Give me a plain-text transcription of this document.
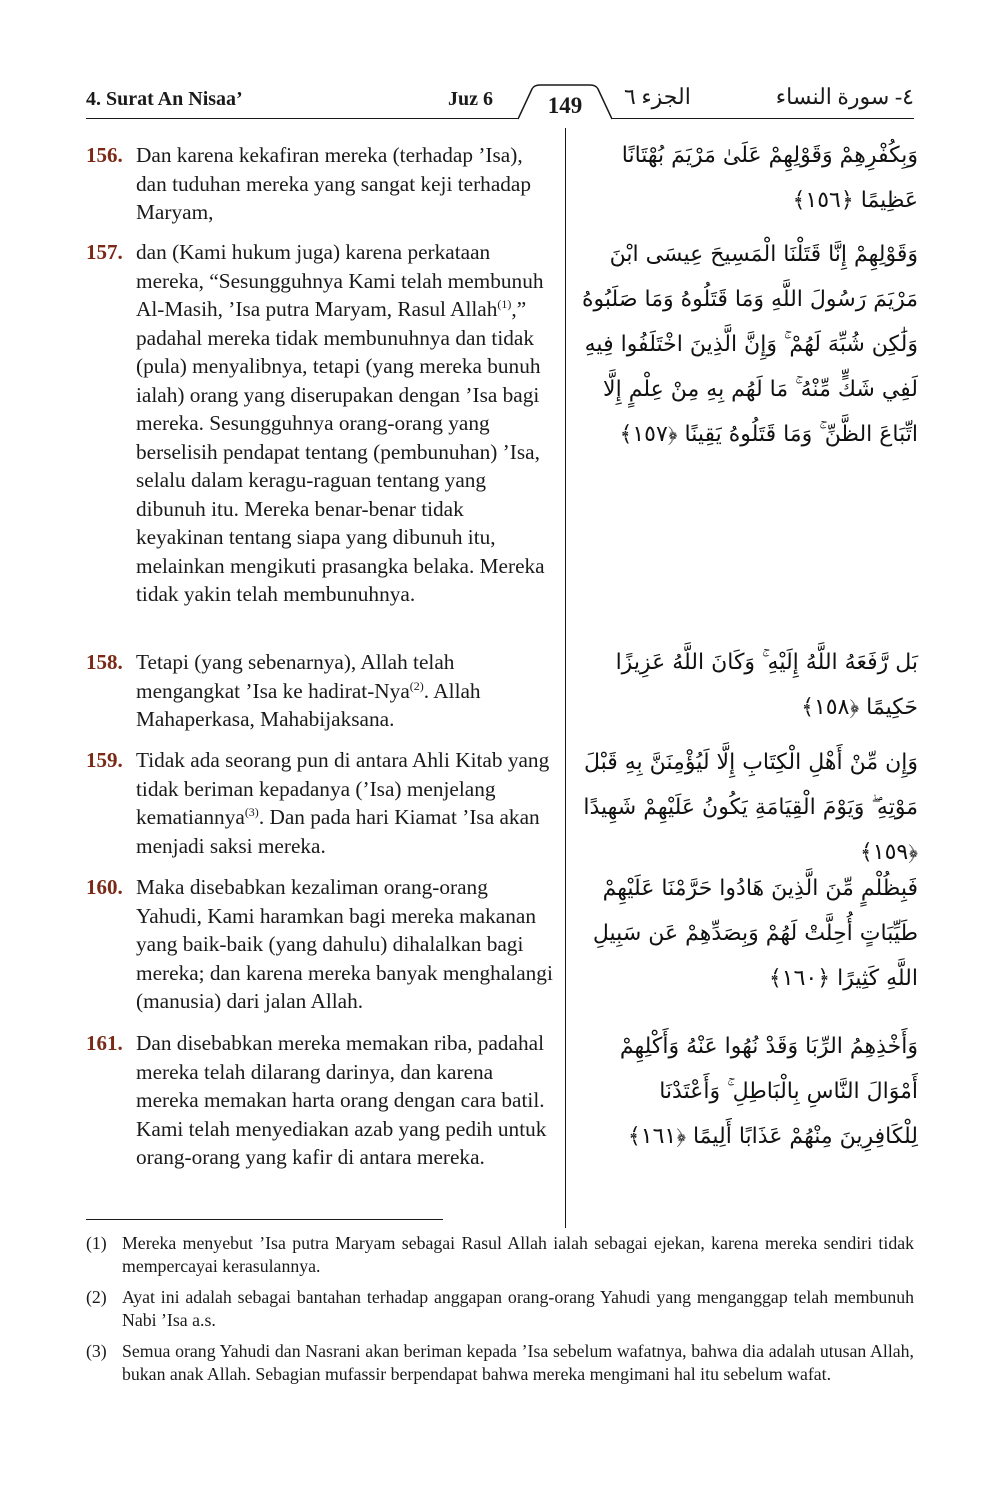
4. Surat An Nisaa’	Juz 6	الجزء ٦	٤- سورة النساء
149
156. Dan karena kekafiran mereka (terhadap ’Isa), dan tuduhan mereka yang sangat keji terhadap Maryam,
وَبِكُفْرِهِمْ وَقَوْلِهِمْ عَلَىٰ مَرْيَمَ بُهْتَانًا عَظِيمًا ﴿١٥٦﴾
157. dan (Kami hukum juga) karena perkataan mereka, “Sesungguhnya Kami telah membunuh Al-Masih, ’Isa putra Maryam, Rasul Allah$^{(1)}$,” padahal mereka tidak membunuhnya dan tidak (pula) menyalibnya, tetapi (yang mereka bunuh ialah) orang yang diserupakan dengan ’Isa bagi mereka. Sesungguhnya orang-orang yang berselisih pendapat tentang (pembunuhan) ’Isa, selalu dalam keragu-raguan tentang yang dibunuh itu. Mereka benar-benar tidak keyakinan tentang siapa yang dibunuh itu, melainkan mengikuti prasangka belaka. Mereka tidak yakin telah membunuhnya.
وَقَوْلِهِمْ إِنَّا قَتَلْنَا الْمَسِيحَ عِيسَى ابْنَ مَرْيَمَ رَسُولَ اللَّهِ وَمَا قَتَلُوهُ وَمَا صَلَبُوهُ وَلَٰكِن شُبِّهَ لَهُمْ ۚ وَإِنَّ الَّذِينَ اخْتَلَفُوا فِيهِ لَفِي شَكٍّ مِّنْهُ ۚ مَا لَهُم بِهِ مِنْ عِلْمٍ إِلَّا اتِّبَاعَ الظَّنِّ ۚ وَمَا قَتَلُوهُ يَقِينًا ﴿١٥٧﴾
158. Tetapi (yang sebenarnya), Allah telah mengangkat ’Isa ke hadirat-Nya$^{(2)}$. Allah Mahaperkasa, Mahabijaksana.
بَل رَّفَعَهُ اللَّهُ إِلَيْهِ ۚ وَكَانَ اللَّهُ عَزِيزًا حَكِيمًا ﴿١٥٨﴾
159. Tidak ada seorang pun di antara Ahli Kitab yang tidak beriman kepadanya (’Isa) menjelang kematiannya$^{(3)}$. Dan pada hari Kiamat ’Isa akan menjadi saksi mereka.
وَإِن مِّنْ أَهْلِ الْكِتَابِ إِلَّا لَيُؤْمِنَنَّ بِهِ قَبْلَ مَوْتِهِ ۖ وَيَوْمَ الْقِيَامَةِ يَكُونُ عَلَيْهِمْ شَهِيدًا ﴿١٥٩﴾
160. Maka disebabkan kezaliman orang-orang Yahudi, Kami haramkan bagi mereka makanan yang baik-baik (yang dahulu) dihalalkan bagi mereka; dan karena mereka banyak menghalangi (manusia) dari jalan Allah.
فَبِظُلْمٍ مِّنَ الَّذِينَ هَادُوا حَرَّمْنَا عَلَيْهِمْ طَيِّبَاتٍ أُحِلَّتْ لَهُمْ وَبِصَدِّهِمْ عَن سَبِيلِ اللَّهِ كَثِيرًا ﴿١٦٠﴾
161. Dan disebabkan mereka memakan riba, padahal mereka telah dilarang darinya, dan karena mereka memakan harta orang dengan cara batil. Kami telah menyediakan azab yang pedih untuk orang-orang yang kafir di antara mereka.
وَأَخْذِهِمُ الرِّبَا وَقَدْ نُهُوا عَنْهُ وَأَكْلِهِمْ أَمْوَالَ النَّاسِ بِالْبَاطِلِ ۚ وَأَعْتَدْنَا لِلْكَافِرِينَ مِنْهُمْ عَذَابًا أَلِيمًا ﴿١٦١﴾
(1) Mereka menyebut ’Isa putra Maryam sebagai Rasul Allah ialah sebagai ejekan, karena mereka sendiri tidak mempercayai kerasulannya.
(2) Ayat ini adalah sebagai bantahan terhadap anggapan orang-orang Yahudi yang menganggap telah membunuh Nabi ’Isa a.s.
(3) Semua orang Yahudi dan Nasrani akan beriman kepada ’Isa sebelum wafatnya, bahwa dia adalah utusan Allah, bukan anak Allah. Sebagian mufassir berpendapat bahwa mereka mengimani hal itu sebelum wafat.
